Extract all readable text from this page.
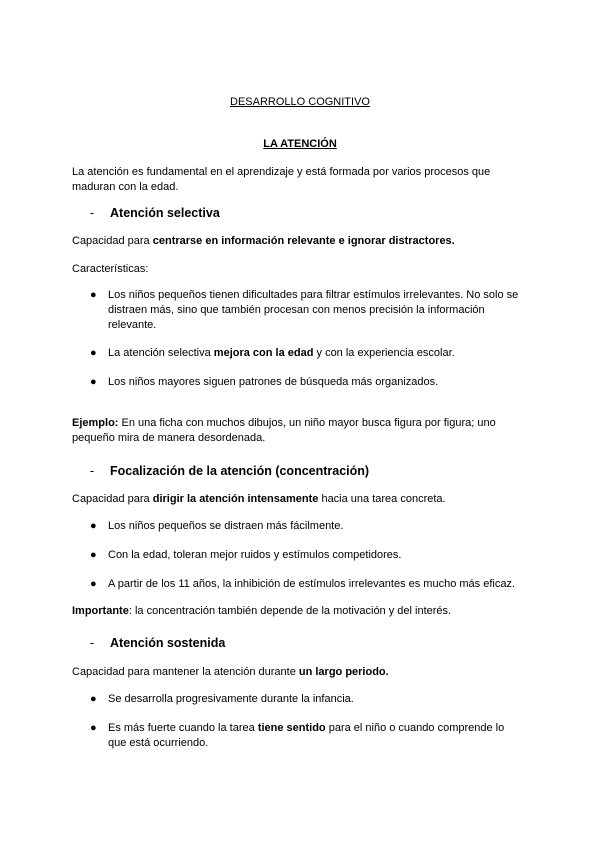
DESARROLLO COGNITIVO
LA ATENCIÓN
La atención es fundamental en el aprendizaje y está formada por varios procesos que
maduran con la edad.
- Atención selectiva
Capacidad para centrarse en información relevante e ignorar distractores.
Características:
● Los niños pequeños tienen dificultades para filtrar estímulos irrelevantes. No solo se
distraen más, sino que también procesan con menos precisión la información
relevante.
● La atención selectiva mejora con la edad y con la experiencia escolar.
● Los niños mayores siguen patrones de búsqueda más organizados.
Ejemplo: En una ficha con muchos dibujos, un niño mayor busca figura por figura; uno
pequeño mira de manera desordenada.
- Focalización de la atención (concentración)
Capacidad para dirigir la atención intensamente hacia una tarea concreta.
● Los niños pequeños se distraen más fácilmente.
● Con la edad, toleran mejor ruidos y estímulos competidores.
● A partir de los 11 años, la inhibición de estímulos irrelevantes es mucho más eficaz.
Importante: la concentración también depende de la motivación y del interés.
- Atención sostenida
Capacidad para mantener la atención durante un largo periodo.
● Se desarrolla progresivamente durante la infancia.
● Es más fuerte cuando la tarea tiene sentido para el niño o cuando comprende lo
que está ocurriendo.
